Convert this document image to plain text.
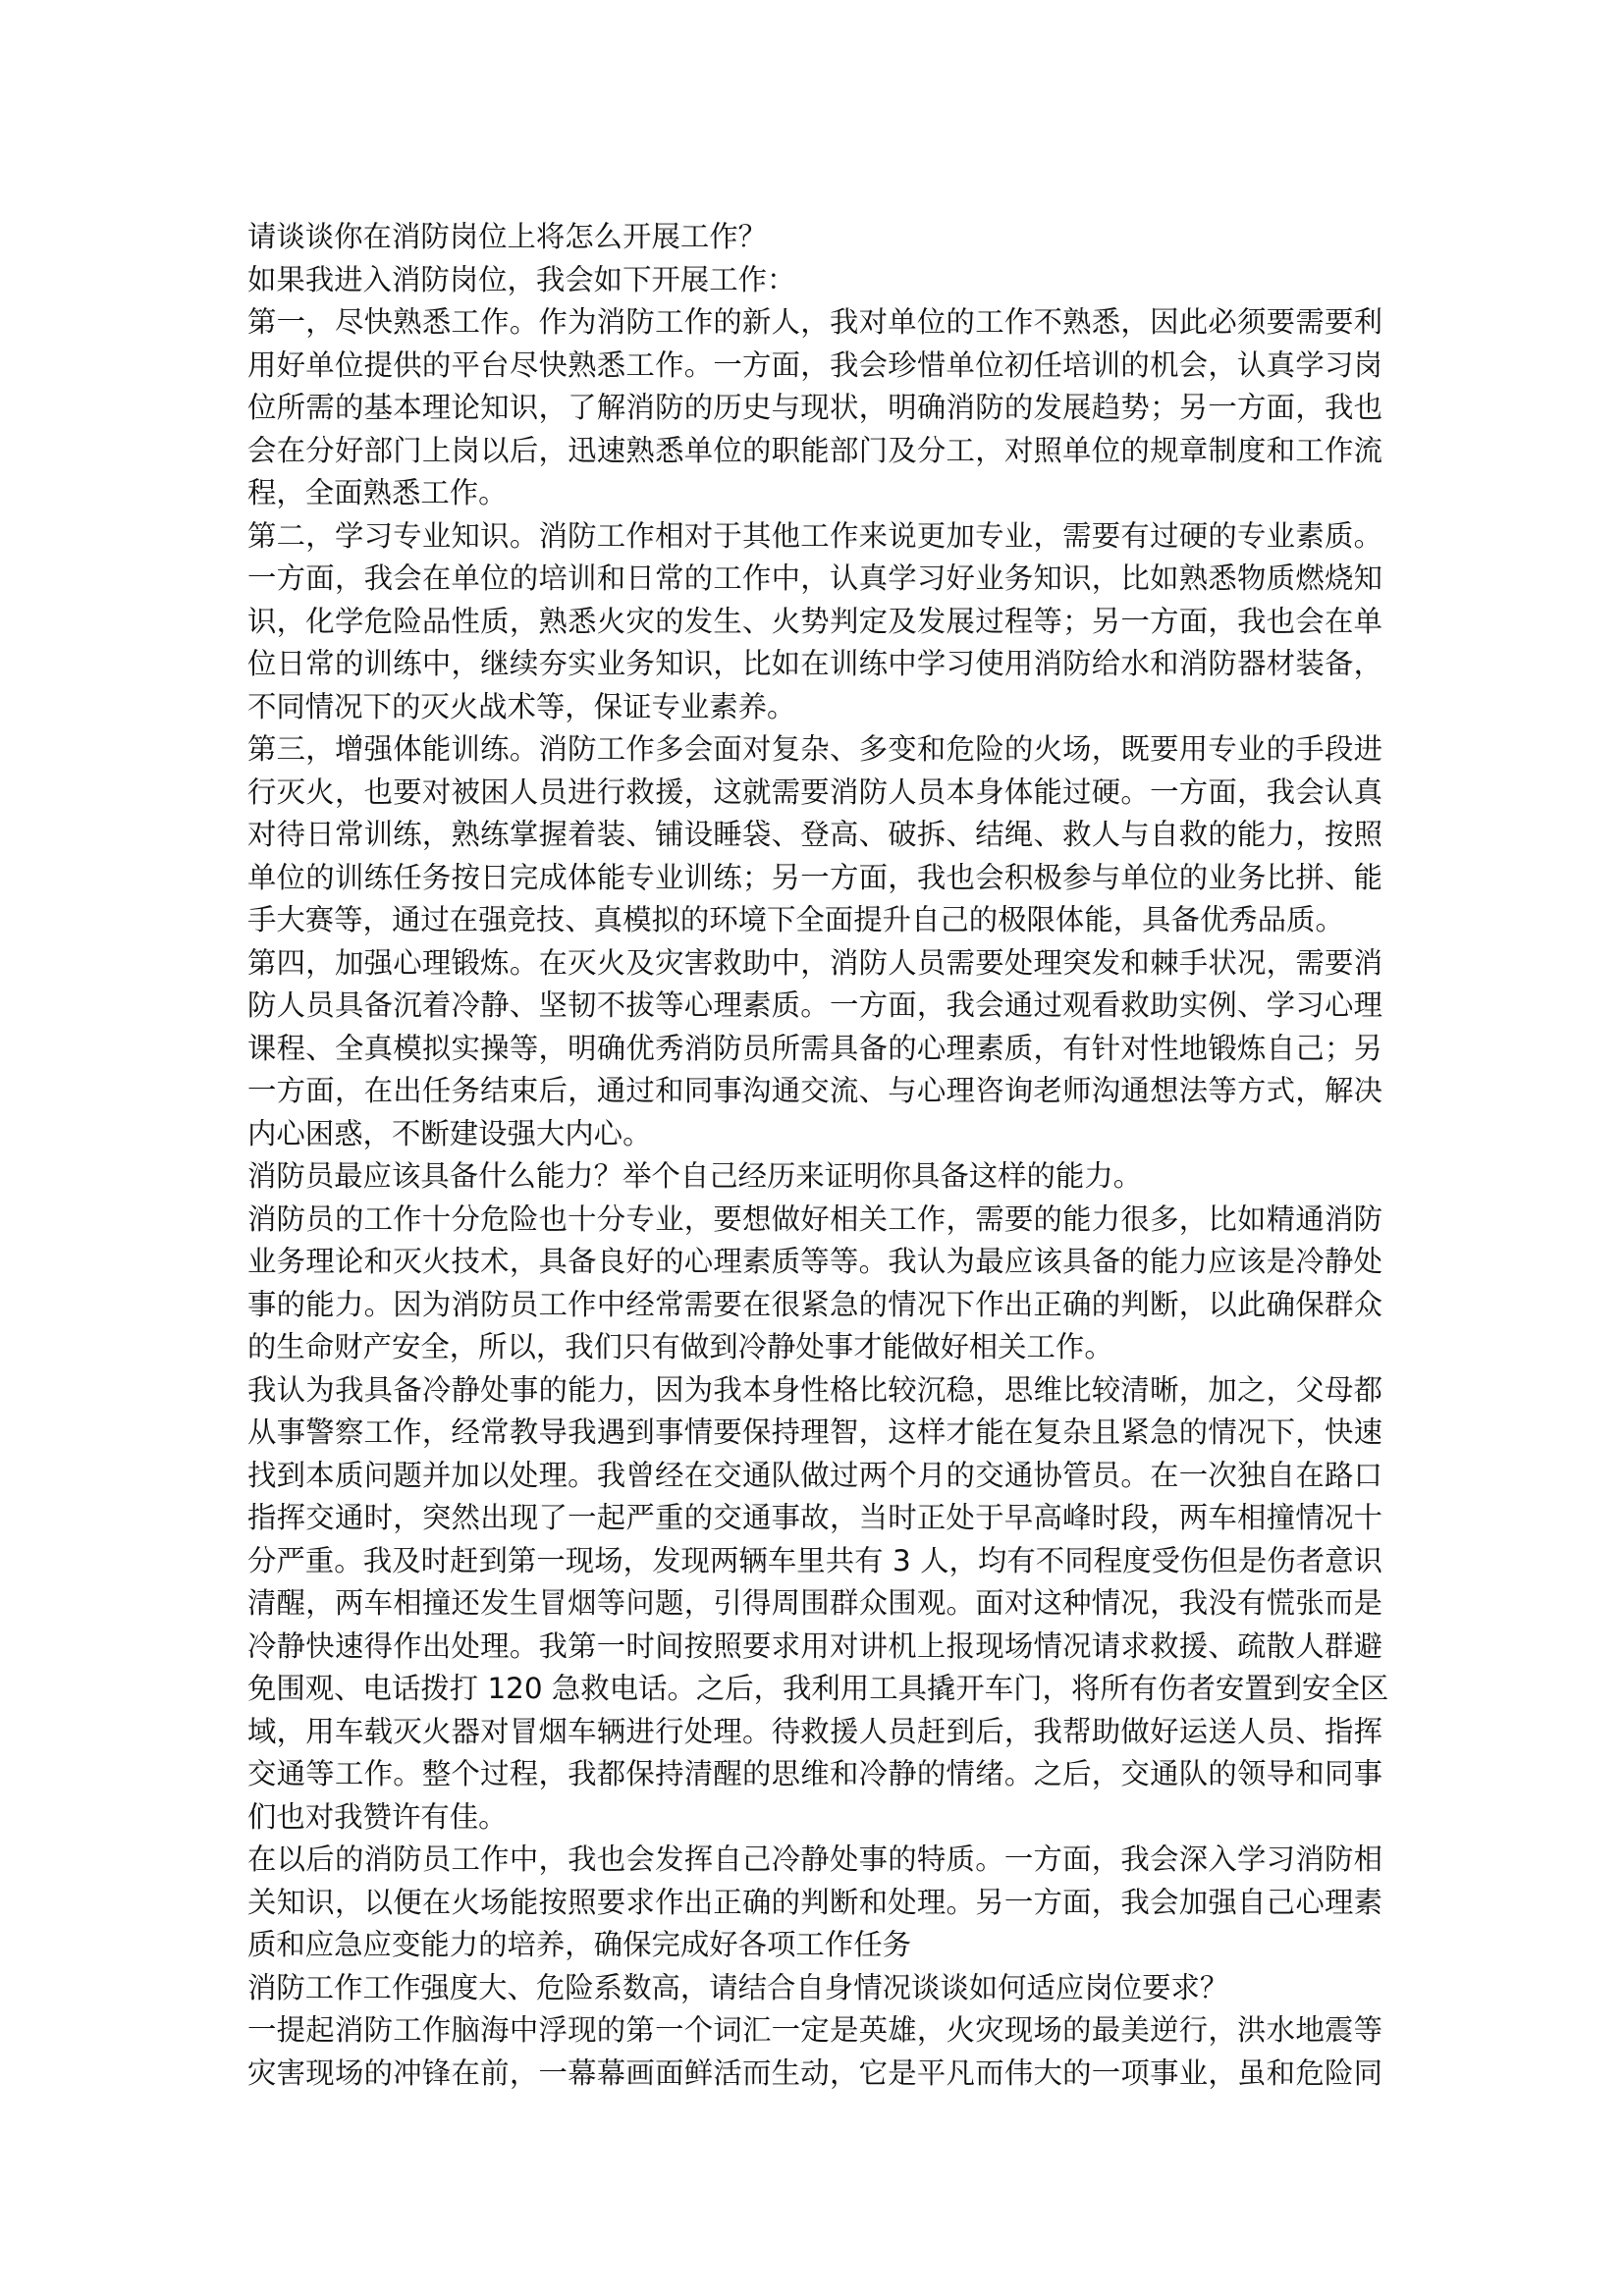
请谈谈你在消防岗位上将怎么开展工作？
如果我进入消防岗位，我会如下开展工作：
第一，尽快熟悉工作。作为消防工作的新人，我对单位的工作不熟悉，因此必须要需要利
用好单位提供的平台尽快熟悉工作。一方面，我会珍惜单位初任培训的机会，认真学习岗
位所需的基本理论知识，了解消防的历史与现状，明确消防的发展趋势；另一方面，我也
会在分好部门上岗以后，迅速熟悉单位的职能部门及分工，对照单位的规章制度和工作流
程，全面熟悉工作。
第二，学习专业知识。消防工作相对于其他工作来说更加专业，需要有过硬的专业素质。
一方面，我会在单位的培训和日常的工作中，认真学习好业务知识，比如熟悉物质燃烧知
识，化学危险品性质，熟悉火灾的发生、火势判定及发展过程等；另一方面，我也会在单
位日常的训练中，继续夯实业务知识，比如在训练中学习使用消防给水和消防器材装备，
不同情况下的灭火战术等，保证专业素养。
第三，增强体能训练。消防工作多会面对复杂、多变和危险的火场，既要用专业的手段进
行灭火，也要对被困人员进行救援，这就需要消防人员本身体能过硬。一方面，我会认真
对待日常训练，熟练掌握着装、铺设睡袋、登高、破拆、结绳、救人与自救的能力，按照
单位的训练任务按日完成体能专业训练；另一方面，我也会积极参与单位的业务比拼、能
手大赛等，通过在强竞技、真模拟的环境下全面提升自己的极限体能，具备优秀品质。
第四，加强心理锻炼。在灭火及灾害救助中，消防人员需要处理突发和棘手状况，需要消
防人员具备沉着冷静、坚韧不拔等心理素质。一方面，我会通过观看救助实例、学习心理
课程、全真模拟实操等，明确优秀消防员所需具备的心理素质，有针对性地锻炼自己；另
一方面，在出任务结束后，通过和同事沟通交流、与心理咨询老师沟通想法等方式，解决
内心困惑，不断建设强大内心。
消防员最应该具备什么能力？举个自己经历来证明你具备这样的能力。
消防员的工作十分危险也十分专业，要想做好相关工作，需要的能力很多，比如精通消防
业务理论和灭火技术，具备良好的心理素质等等。我认为最应该具备的能力应该是冷静处
事的能力。因为消防员工作中经常需要在很紧急的情况下作出正确的判断，以此确保群众
的生命财产安全，所以，我们只有做到冷静处事才能做好相关工作。
我认为我具备冷静处事的能力，因为我本身性格比较沉稳，思维比较清晰，加之，父母都
从事警察工作，经常教导我遇到事情要保持理智，这样才能在复杂且紧急的情况下，快速
找到本质问题并加以处理。我曾经在交通队做过两个月的交通协管员。在一次独自在路口
指挥交通时，突然出现了一起严重的交通事故，当时正处于早高峰时段，两车相撞情况十
分严重。我及时赶到第一现场，发现两辆车里共有 3 人，均有不同程度受伤但是伤者意识
清醒，两车相撞还发生冒烟等问题，引得周围群众围观。面对这种情况，我没有慌张而是
冷静快速得作出处理。我第一时间按照要求用对讲机上报现场情况请求救援、疏散人群避
免围观、电话拨打 120 急救电话。之后，我利用工具撬开车门，将所有伤者安置到安全区
域，用车载灭火器对冒烟车辆进行处理。待救援人员赶到后，我帮助做好运送人员、指挥
交通等工作。整个过程，我都保持清醒的思维和冷静的情绪。之后，交通队的领导和同事
们也对我赞许有佳。
在以后的消防员工作中，我也会发挥自己冷静处事的特质。一方面，我会深入学习消防相
关知识，以便在火场能按照要求作出正确的判断和处理。另一方面，我会加强自己心理素
质和应急应变能力的培养，确保完成好各项工作任务
消防工作工作强度大、危险系数高，请结合自身情况谈谈如何适应岗位要求？
一提起消防工作脑海中浮现的第一个词汇一定是英雄，火灾现场的最美逆行，洪水地震等
灾害现场的冲锋在前，一幕幕画面鲜活而生动，它是平凡而伟大的一项事业，虽和危险同
